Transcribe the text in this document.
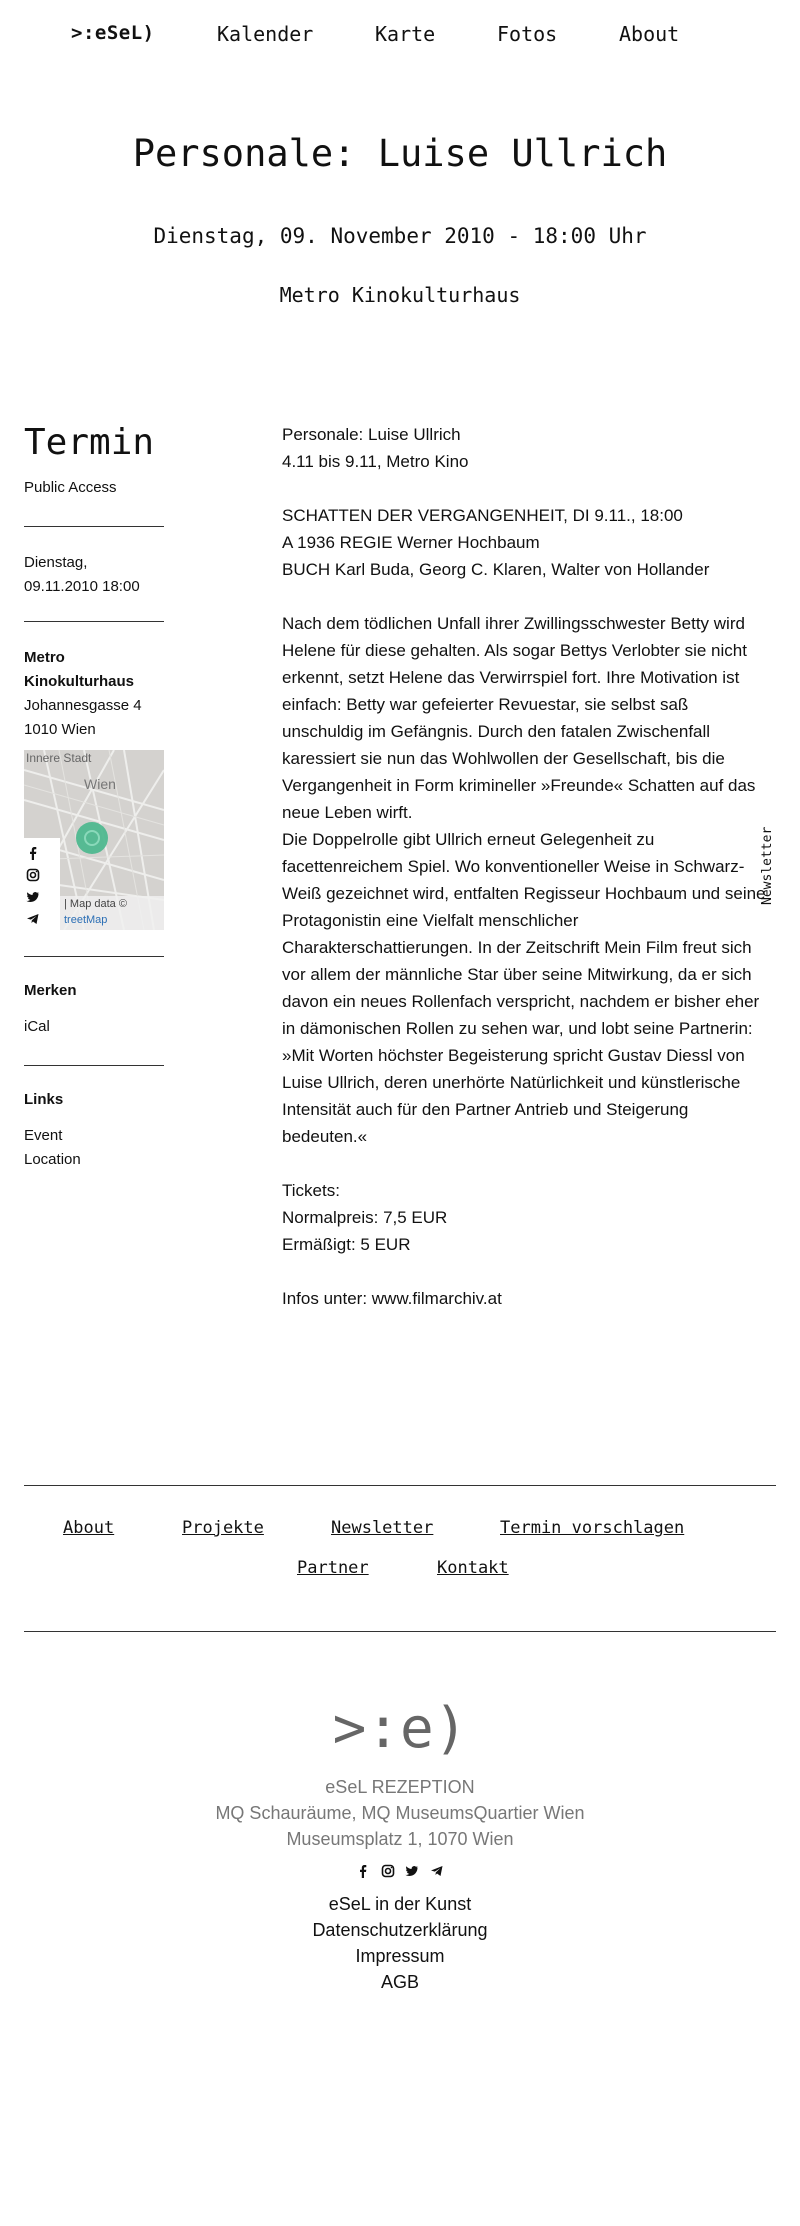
>:eSeL)	Kalender	Karte	Fotos	About
Personale: Luise Ullrich
Dienstag, 09. November 2010 - 18:00 Uhr
Metro Kinokulturhaus
Termin
Public Access
Dienstag,
09.11.2010 18:00
Metro
Kinokulturhaus
Johannesgasse 4
1010 Wien
Innere Stadt
Wien
| Map data ©
treetMap
Merken
iCal
Links
Event
Location

Personale: Luise Ullrich
4.11 bis 9.11, Metro Kino

SCHATTEN DER VERGANGENHEIT, DI 9.11., 18:00
A 1936 REGIE Werner Hochbaum
BUCH Karl Buda, Georg C. Klaren, Walter von Hollander

Nach dem tödlichen Unfall ihrer Zwillingsschwester Betty wird Helene für diese gehalten. Als sogar Bettys Verlobter sie nicht erkennt, setzt Helene das Verwirrspiel fort. Ihre Motivation ist einfach: Betty war gefeierter Revuestar, sie selbst saß unschuldig im Gefängnis. Durch den fatalen Zwischenfall karessiert sie nun das Wohlwollen der Gesellschaft, bis die Vergangenheit in Form krimineller »Freunde« Schatten auf das neue Leben wirft.

Die Doppelrolle gibt Ullrich erneut Gelegenheit zu facettenreichem Spiel. Wo konventioneller Weise in Schwarz-Weiß gezeichnet wird, entfalten Regisseur Hochbaum und seine Protagonistin eine Vielfalt menschlicher Charakterschattierungen. In der Zeitschrift Mein Film freut sich vor allem der männliche Star über seine Mitwirkung, da er sich davon ein neues Rollenfach verspricht, nachdem er bisher eher in dämonischen Rollen zu sehen war, und lobt seine Partnerin: »Mit Worten höchster Begeisterung spricht Gustav Diessl von Luise Ullrich, deren unerhörte Natürlichkeit und künstlerische Intensität auch für den Partner Antrieb und Steigerung bedeuten.«

Tickets:
Normalpreis: 7,5 EUR
Ermäßigt: 5 EUR

Infos unter: www.filmarchiv.at

Newsletter
About	Projekte	Newsletter	Termin vorschlagen
Partner	Kontakt
>:e)
eSeL REZEPTION
MQ Schauräume, MQ MuseumsQuartier Wien
Museumsplatz 1, 1070 Wien

eSeL in der Kunst
Datenschutzerklärung
Impressum
AGB
